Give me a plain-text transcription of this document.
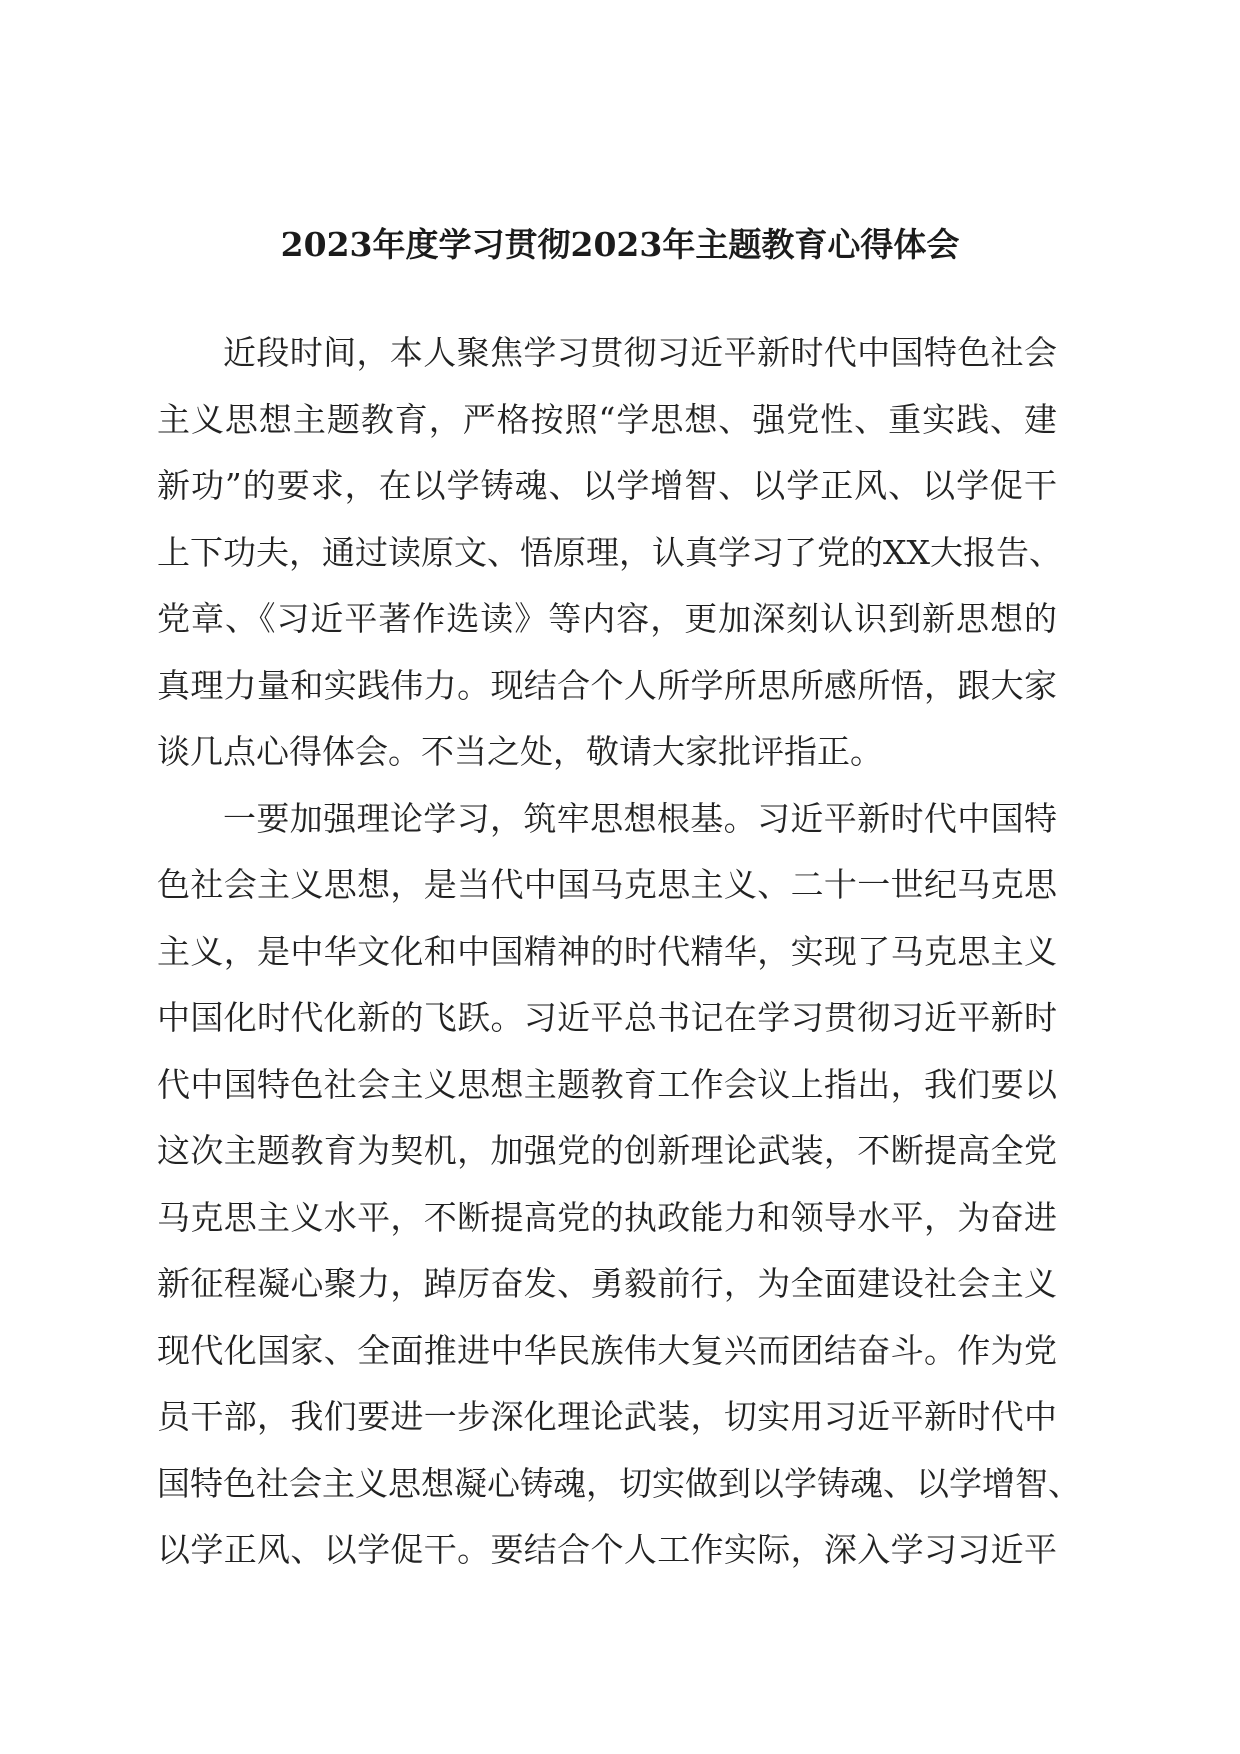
2023年度学习贯彻2023年主题教育心得体会
近段时间，本人聚焦学习贯彻习近平新时代中国特色社会
主义思想主题教育，严格按照“学思想、强党性、重实践、建
新功”的要求，在以学铸魂、以学增智、以学正风、以学促干
上下功夫，通过读原文、悟原理，认真学习了党的XX大报告、
党章、《习近平著作选读》等内容，更加深刻认识到新思想的
真理力量和实践伟力。现结合个人所学所思所感所悟，跟大家
谈几点心得体会。不当之处，敬请大家批评指正。
一要加强理论学习，筑牢思想根基。习近平新时代中国特
色社会主义思想，是当代中国马克思主义、二十一世纪马克思
主义，是中华文化和中国精神的时代精华，实现了马克思主义
中国化时代化新的飞跃。习近平总书记在学习贯彻习近平新时
代中国特色社会主义思想主题教育工作会议上指出，我们要以
这次主题教育为契机，加强党的创新理论武装，不断提高全党
马克思主义水平，不断提高党的执政能力和领导水平，为奋进
新征程凝心聚力，踔厉奋发、勇毅前行，为全面建设社会主义
现代化国家、全面推进中华民族伟大复兴而团结奋斗。作为党
员干部，我们要进一步深化理论武装，切实用习近平新时代中
国特色社会主义思想凝心铸魂，切实做到以学铸魂、以学增智、
以学正风、以学促干。要结合个人工作实际，深入学习习近平
